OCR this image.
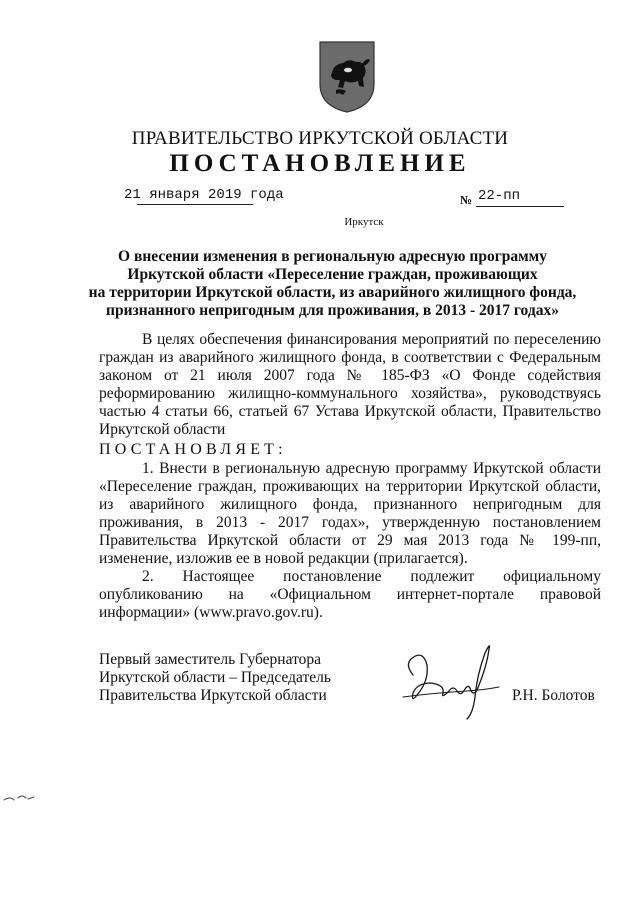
ПРАВИТЕЛЬСТВО ИРКУТСКОЙ ОБЛАСТИ
ПОСТАНОВЛЕНИЕ
21 января 2019 года	№ 22-пп
Иркутск
О внесении изменения в региональную адресную программу
Иркутской области «Переселение граждан, проживающих
на территории Иркутской области, из аварийного жилищного фонда,
признанного непригодным для проживания, в 2013 - 2017 годах»

В целях обеспечения финансирования мероприятий по переселению граждан из аварийного жилищного фонда, в соответствии с Федеральным законом от 21 июля 2007 года № 185-ФЗ «О Фонде содействия реформированию жилищно-коммунального хозяйства», руководствуясь частью 4 статьи 66, статьей 67 Устава Иркутской области, Правительство Иркутской области

ПОСТАНОВЛЯЕТ:

1. Внести в региональную адресную программу Иркутской области «Переселение граждан, проживающих на территории Иркутской области, из аварийного жилищного фонда, признанного непригодным для проживания, в 2013 - 2017 годах», утвержденную постановлением Правительства Иркутской области от 29 мая 2013 года № 199-пп, изменение, изложив ее в новой редакции (прилагается).

2. Настоящее постановление подлежит официальному опубликованию на «Официальном интернет-портале правовой информации» (www.pravo.gov.ru).

Первый заместитель Губернатора
Иркутской области – Председатель
Правительства Иркутской области	Р.Н. Болотов
